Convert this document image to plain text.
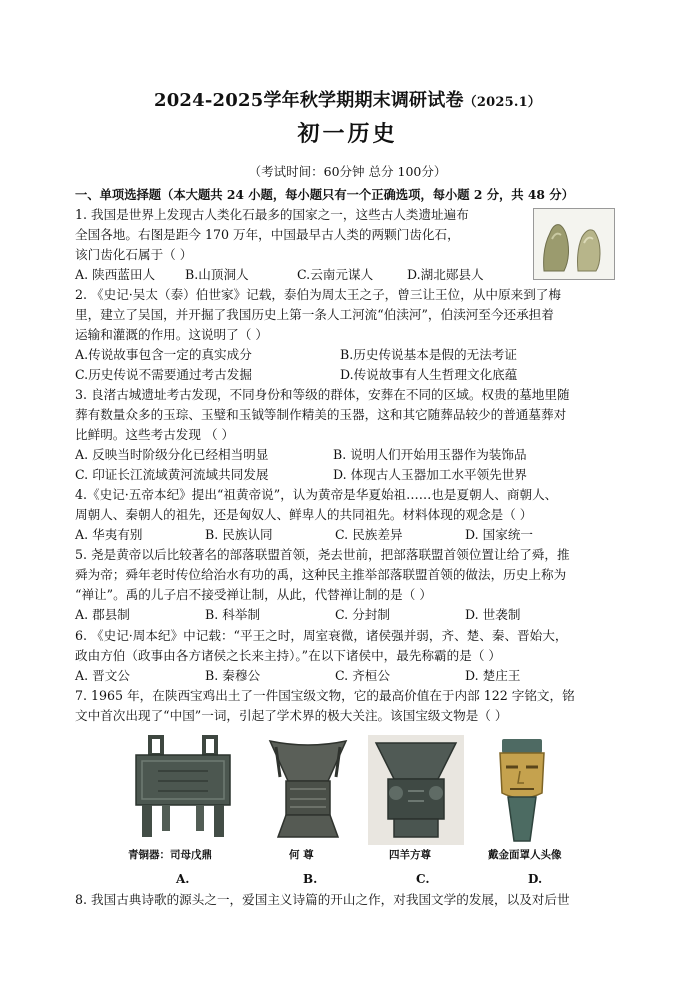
2024-2025学年秋学期期末调研试卷（2025.1）
初一历史
（考试时间：60分钟 总分 100分）
一、单项选择题（本大题共 24 小题，每小题只有一个正确选项，每小题 2 分，共 48 分）
1. 我国是世界上发现古人类化石最多的国家之一，这些古人类遗址遍布
全国各地。右图是距今 170 万年，中国最早古人类的两颗门齿化石，
该门齿化石属于（ ）
A. 陕西蓝田人	B.山顶洞人	C.云南元谋人	D.湖北郧县人
2. 《史记·吴太（泰）伯世家》记载，泰伯为周太王之子，曾三让王位，从中原来到了梅
里，建立了吴国，并开掘了我国历史上第一条人工河流“伯渎河”，伯渎河至今还承担着
运输和灌溉的作用。这说明了（ ）
A.传说故事包含一定的真实成分	B.历史传说基本是假的无法考证
C.历史传说不需要通过考古发掘	D.传说故事有人生哲理文化底蕴
3. 良渚古城遗址考古发现，不同身份和等级的群体，安葬在不同的区域。权贵的墓地里随
葬有数量众多的玉琮、玉璧和玉钺等制作精美的玉器，这和其它随葬品较少的普通墓葬对
比鲜明。这些考古发现 （ ）
A. 反映当时阶级分化已经相当明显	B. 说明人们开始用玉器作为装饰品
C. 印证长江流域黄河流域共同发展	D. 体现古人玉器加工水平领先世界
4.《史记·五帝本纪》提出“祖黄帝说”，认为黄帝是华夏始祖……也是夏朝人、商朝人、
周朝人、秦朝人的祖先，还是匈奴人、鲜卑人的共同祖先。材料体现的观念是（ ）
A. 华夷有别	B. 民族认同	C. 民族差异	D. 国家统一
5. 尧是黄帝以后比较著名的部落联盟首领，尧去世前，把部落联盟首领位置让给了舜，推
舜为帝；舜年老时传位给治水有功的禹，这种民主推举部落联盟首领的做法，历史上称为
“禅让”。禹的儿子启不接受禅让制，从此，代替禅让制的是（ ）
A. 郡县制	B. 科举制	C. 分封制	D. 世袭制
6. 《史记·周本纪》中记载：“平王之时，周室衰微，诸侯强并弱，齐、楚、秦、晋始大，
政由方伯（政事由各方诸侯之长来主持）。”在以下诸侯中，最先称霸的是（ ）
A. 晋文公	B. 秦穆公	C. 齐桓公	D. 楚庄王
7. 1965 年，在陕西宝鸡出土了一件国宝级文物，它的最高价值在于内部 122 字铭文，铭
文中首次出现了“中国”一词，引起了学术界的极大关注。该国宝级文物是（ ）
青铜器：司母戊鼎	何 尊	四羊方尊	戴金面罩人头像
A.	B.	C.	D.
8. 我国古典诗歌的源头之一，爱国主义诗篇的开山之作，对我国文学的发展，以及对后世
